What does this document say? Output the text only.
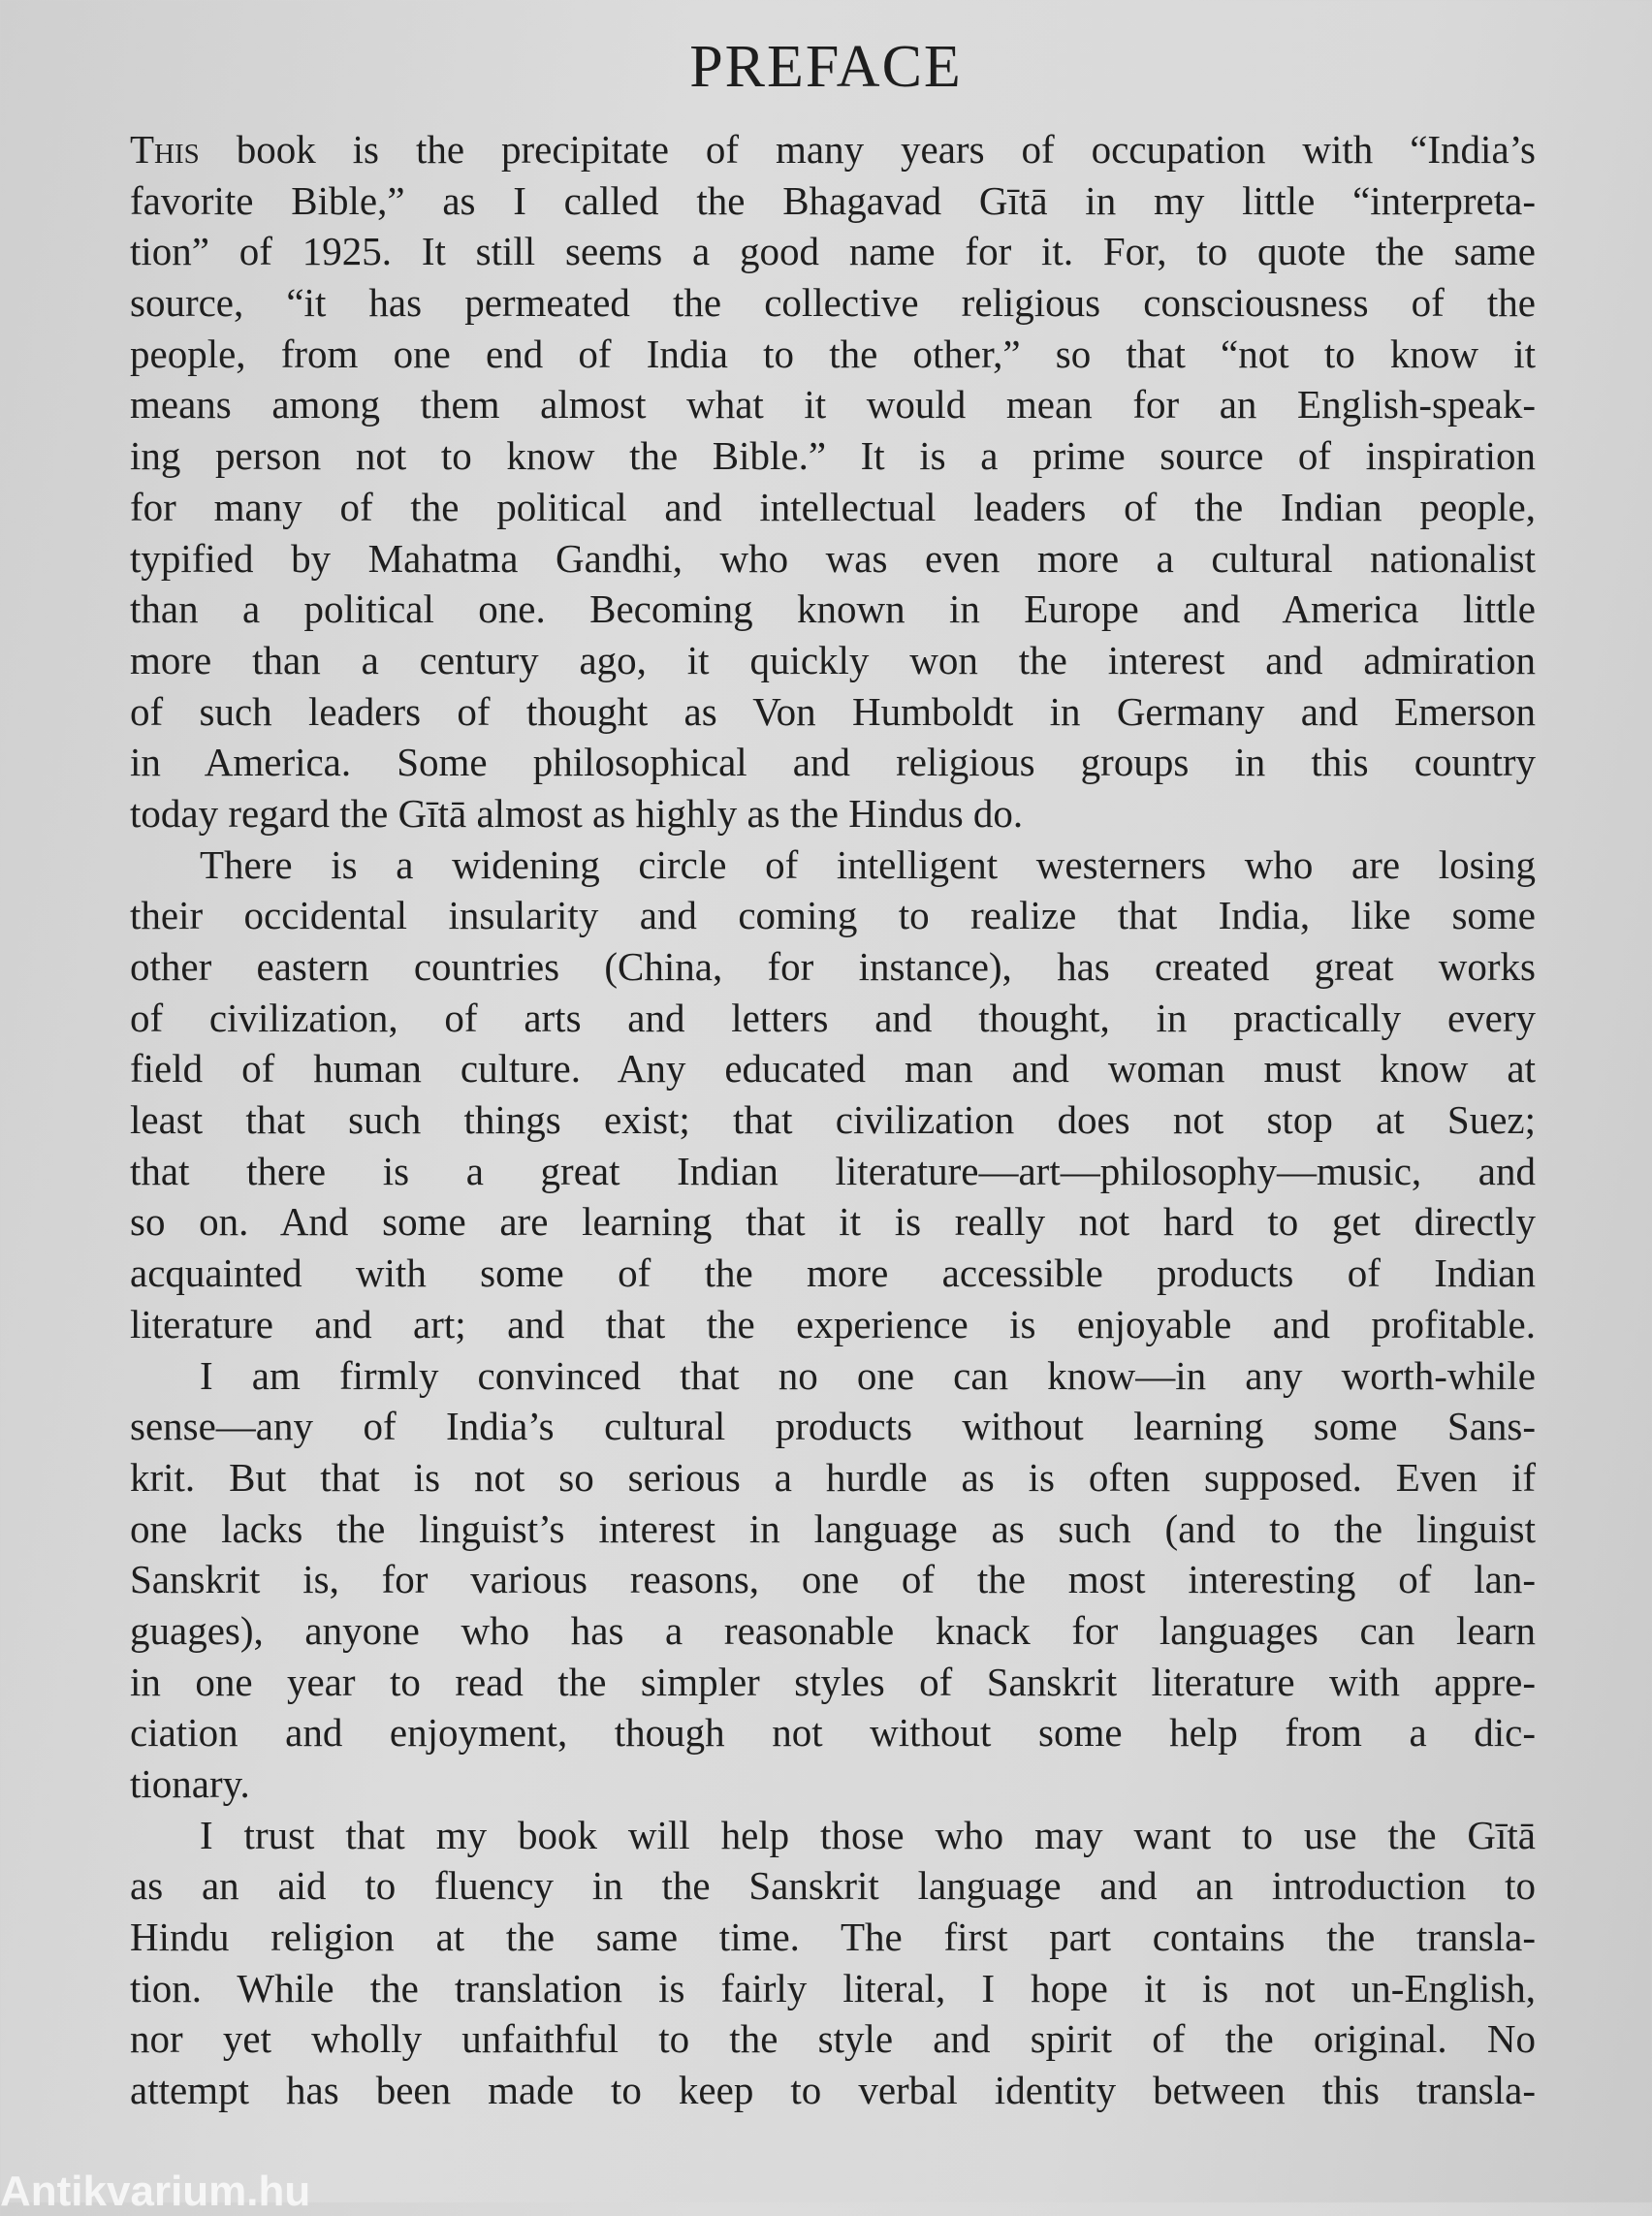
PREFACE
This book is the precipitate of many years of occupation with “India’s
favorite Bible,” as I called the Bhagavad Gītā in my little “interpreta-
tion” of 1925. It still seems a good name for it. For, to quote the same
source, “it has permeated the collective religious consciousness of the
people, from one end of India to the other,” so that “not to know it
means among them almost what it would mean for an English-speak-
ing person not to know the Bible.” It is a prime source of inspiration
for many of the political and intellectual leaders of the Indian people,
typified by Mahatma Gandhi, who was even more a cultural nationalist
than a political one. Becoming known in Europe and America little
more than a century ago, it quickly won the interest and admiration
of such leaders of thought as Von Humboldt in Germany and Emerson
in America. Some philosophical and religious groups in this country
today regard the Gītā almost as highly as the Hindus do.
There is a widening circle of intelligent westerners who are losing
their occidental insularity and coming to realize that India, like some
other eastern countries (China, for instance), has created great works
of civilization, of arts and letters and thought, in practically every
field of human culture. Any educated man and woman must know at
least that such things exist; that civilization does not stop at Suez;
that there is a great Indian literature—art—philosophy—music, and
so on. And some are learning that it is really not hard to get directly
acquainted with some of the more accessible products of Indian
literature and art; and that the experience is enjoyable and profitable.
I am firmly convinced that no one can know—in any worth-while
sense—any of India’s cultural products without learning some Sans-
krit. But that is not so serious a hurdle as is often supposed. Even if
one lacks the linguist’s interest in language as such (and to the linguist
Sanskrit is, for various reasons, one of the most interesting of lan-
guages), anyone who has a reasonable knack for languages can learn
in one year to read the simpler styles of Sanskrit literature with appre-
ciation and enjoyment, though not without some help from a dic-
tionary.
I trust that my book will help those who may want to use the Gītā
as an aid to fluency in the Sanskrit language and an introduction to
Hindu religion at the same time. The first part contains the transla-
tion. While the translation is fairly literal, I hope it is not un-English,
nor yet wholly unfaithful to the style and spirit of the original. No
attempt has been made to keep to verbal identity between this transla-
Antikvarium.hu
